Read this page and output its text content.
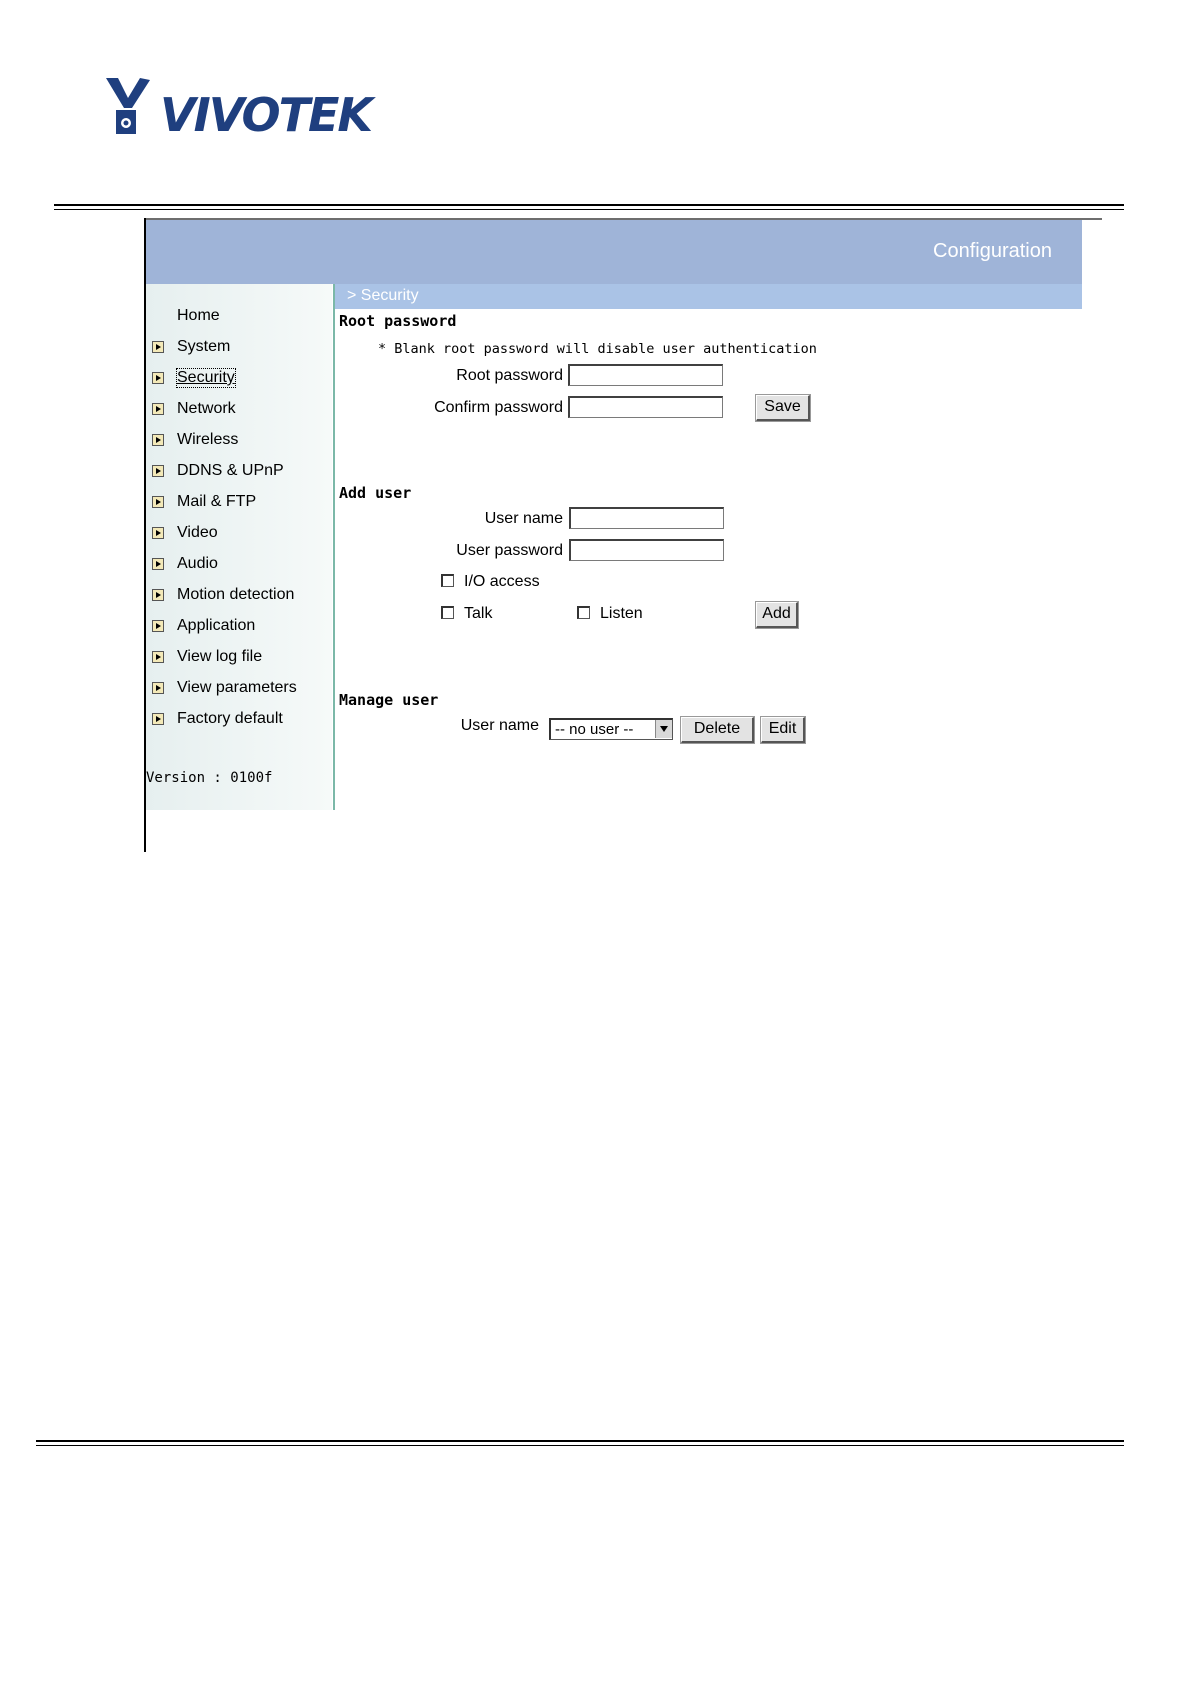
VIVOTEK
Configuration
Home
System
Security
Network
Wireless
DDNS & UPnP
Mail & FTP
Video
Audio
Motion detection
Application
View log file
View parameters
Factory default
Version : 0100f
> Security
Root password
* Blank root password will disable user authentication
Root password
Confirm password	Save
Add user
User name
User password
I/O access
Talk	Listen	Add
Manage user
User name -- no user --	Delete	Edit
